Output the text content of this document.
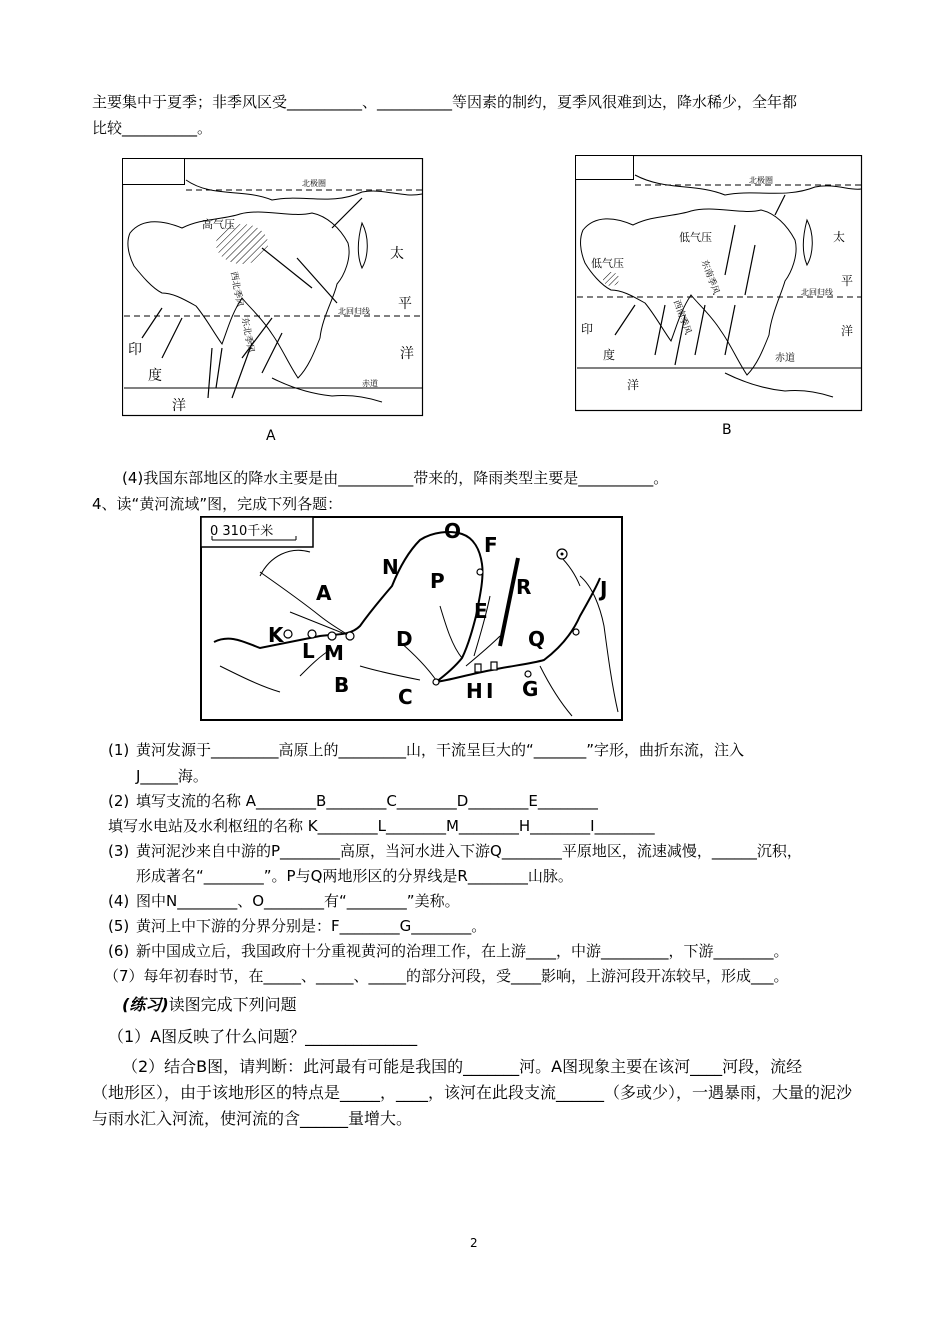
主要集中于夏季；非季风区受__________、__________等因素的制约，夏季风很难到达，降水稀少，全年都
比较__________。
高气压
北极圈
北回归线
赤道
西北季风
东北季风
太
平
洋
印
度
洋
A
低气压
低气压
北极圈
北回归线
赤道
东南季风
西南季风
太
平
洋
印
度
洋
B
(4)我国东部地区的降水主要是由__________带来的，降雨类型主要是__________。
4、读“黄河流域”图，完成下列各题：
0 310千米	O
F
N
P	R
A	J
E
K
L M
D	Q
B C	H I G
(1) 黄河发源于_________高原上的_________山，干流呈巨大的“_______”字形，曲折东流，注入
J_____海。
(2) 填写支流的名称 A________B________C________D________E________
填写水电站及水利枢纽的名称 K________L________M________H________I________
(3) 黄河泥沙来自中游的P________高原，当河水进入下游Q________平原地区，流速减慢，______沉积，
形成著名“________”。P与Q两地形区的分界线是R________山脉。
(4) 图中N________、O________有“________”美称。
(5) 黄河上中下游的分界分别是：F________G________。
(6) 新中国成立后，我国政府十分重视黄河的治理工作，在上游____，中游_________，下游________。
（7）每年初春时节，在_____、_____、_____的部分河段，受____影响，上游河段开冻较早，形成___。
(练习)读图完成下列问题
（1）A图反映了什么问题？______________
（2）结合B图，请判断：此河最有可能是我国的_______河。A图现象主要在该河____河段，流经
（地形区），由于该地形区的特点是_____，____，该河在此段支流______（多或少），一遇暴雨，大量的泥沙
与雨水汇入河流，使河流的含______量增大。
2
